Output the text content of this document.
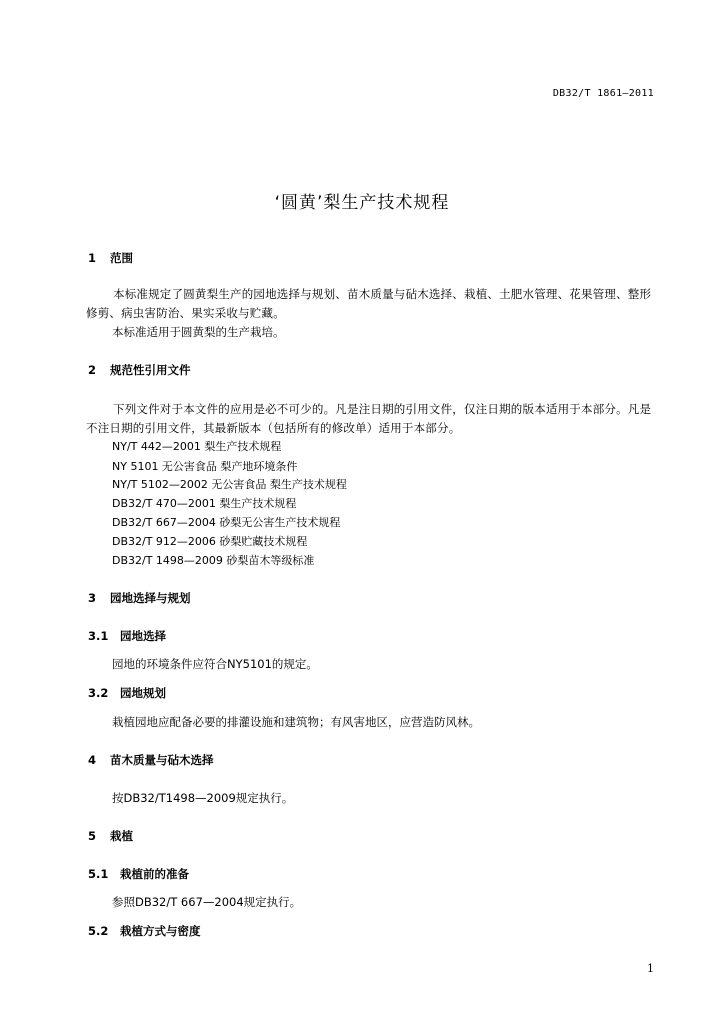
DB32/T 1861—2011
‘圆黄’梨生产技术规程
1 范围
本标准规定了圆黄梨生产的园地选择与规划、苗木质量与砧木选择、栽植、土肥水管理、花果管理、整形修剪、病虫害防治、果实采收与贮藏。
本标准适用于圆黄梨的生产栽培。
2 规范性引用文件
下列文件对于本文件的应用是必不可少的。凡是注日期的引用文件，仅注日期的版本适用于本部分。凡是不注日期的引用文件，其最新版本（包括所有的修改单）适用于本部分。
NY/T 442—2001 梨生产技术规程
NY 5101 无公害食品 梨产地环境条件
NY/T 5102—2002 无公害食品 梨生产技术规程
DB32/T 470—2001 梨生产技术规程
DB32/T 667—2004 砂梨无公害生产技术规程
DB32/T 912—2006 砂梨贮藏技术规程
DB32/T 1498—2009 砂梨苗木等级标准
3 园地选择与规划
3.1 园地选择
园地的环境条件应符合NY5101的规定。
3.2 园地规划
栽植园地应配备必要的排灌设施和建筑物；有风害地区，应营造防风林。
4 苗木质量与砧木选择
按DB32/T1498—2009规定执行。
5 栽植
5.1 栽植前的准备
参照DB32/T 667—2004规定执行。
5.2 栽植方式与密度
1
